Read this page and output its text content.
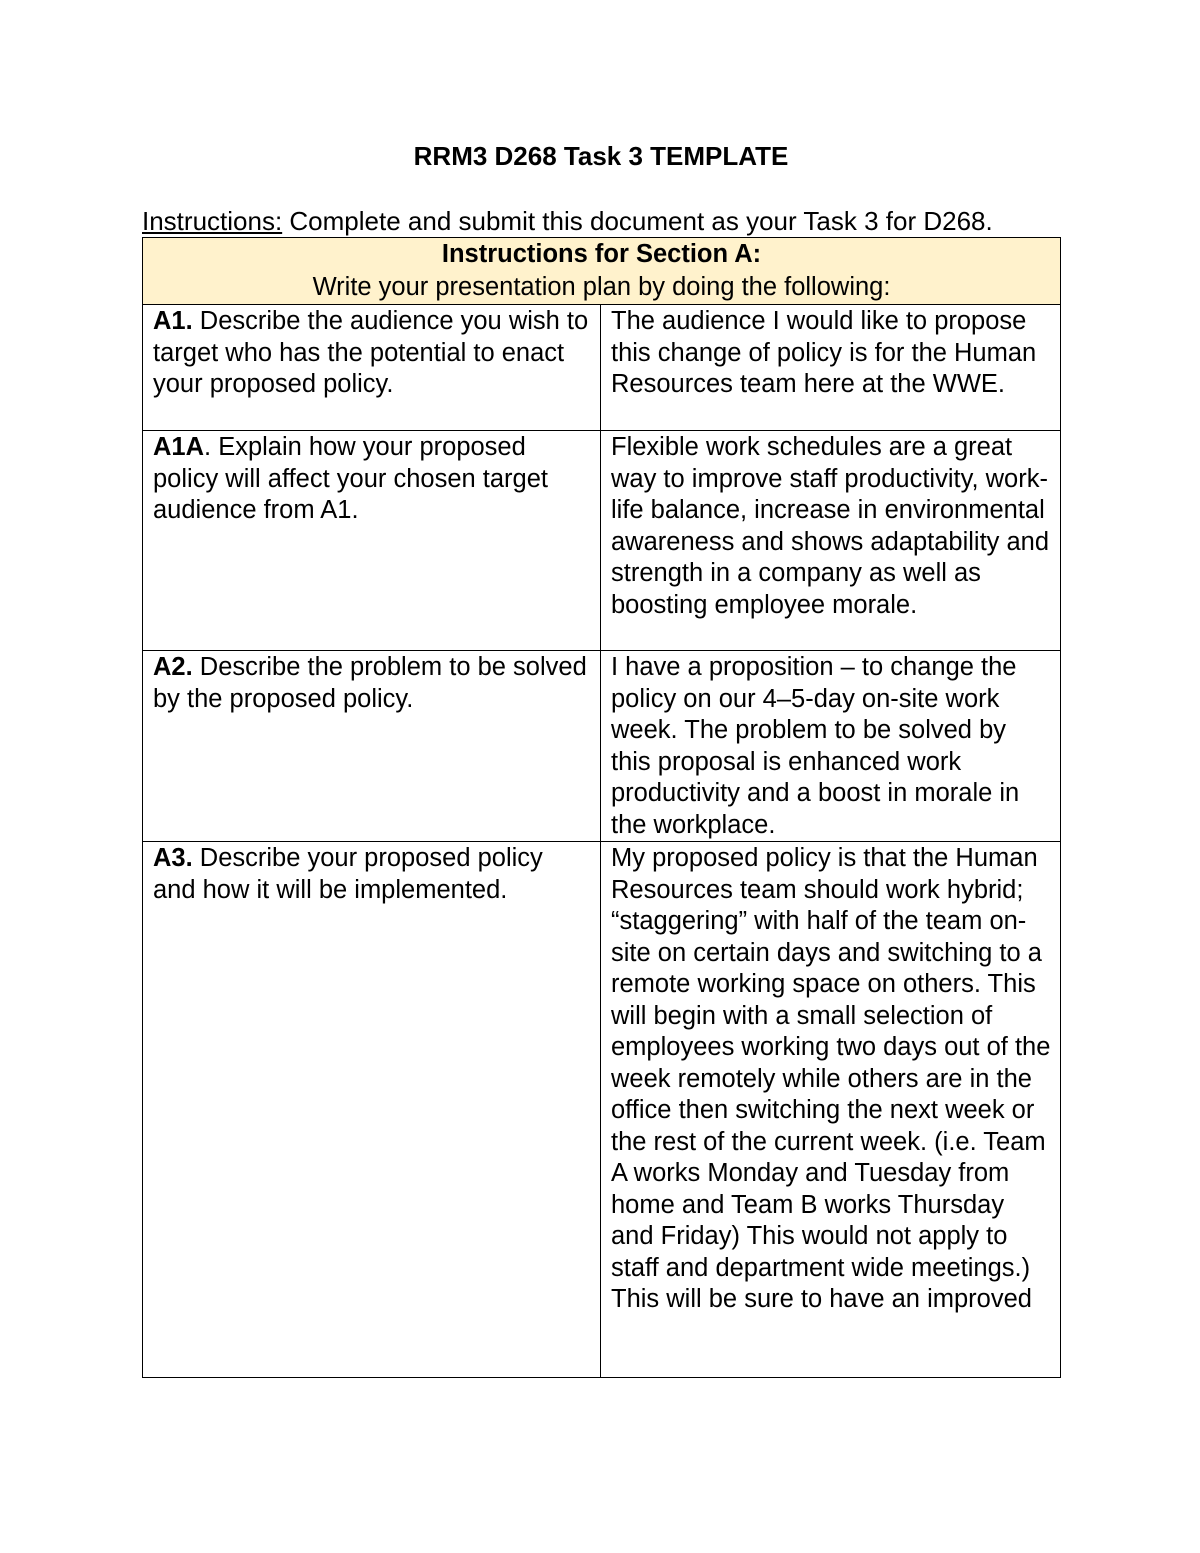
RRM3 D268 Task 3 TEMPLATE
Instructions: Complete and submit this document as your Task 3 for D268.
Instructions for Section A:
Write your presentation plan by doing the following:	

A1. Describe the audience you wish to target who has the potential to enact your proposed policy.	The audience I would like to propose this change of policy is for the Human Resources team here at the WWE.
A1A. Explain how your proposed policy will affect your chosen target audience from A1.	Flexible work schedules are a great way to improve staff productivity, work-life balance, increase in environmental awareness and shows adaptability and strength in a company as well as boosting employee morale.
A2. Describe the problem to be solved by the proposed policy.	I have a proposition – to change the policy on our 4–5-day on-site work week. The problem to be solved by this proposal is enhanced work productivity and a boost in morale in the workplace.
A3. Describe your proposed policy and how it will be implemented.	My proposed policy is that the Human Resources team should work hybrid; “staggering” with half of the team on-site on certain days and switching to a remote working space on others. This will begin with a small selection of employees working two days out of the week remotely while others are in the office then switching the next week or the rest of the current week. (i.e. Team A works Monday and Tuesday from home and Team B works Thursday and Friday) This would not apply to staff and department wide meetings.) This will be sure to have an improved
